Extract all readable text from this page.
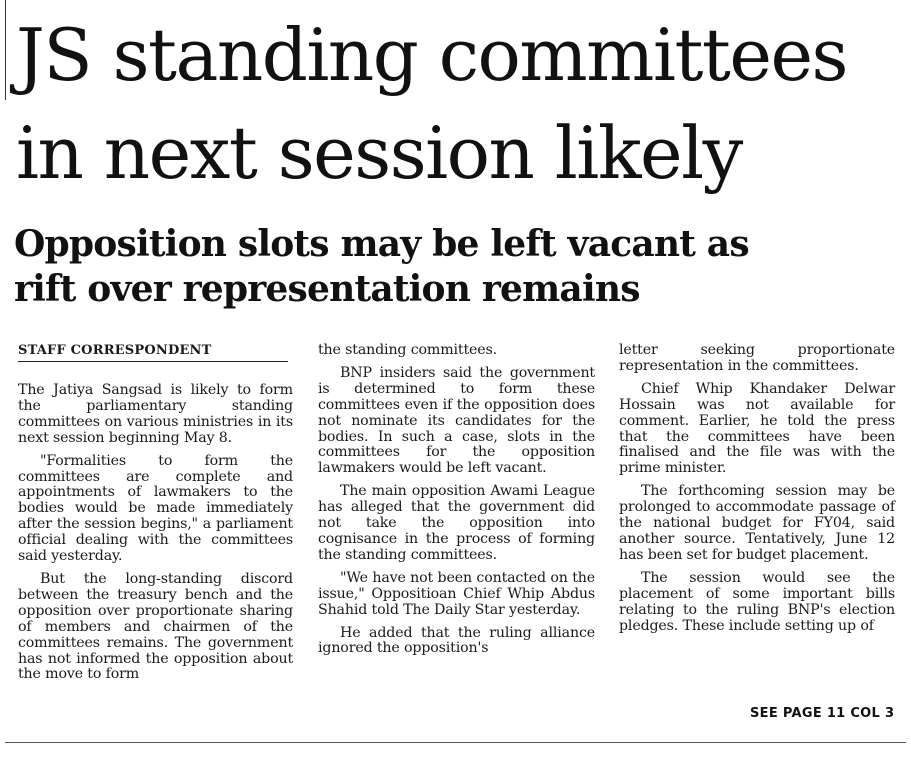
JS standing committees
in next session likely
Opposition slots may be left vacant as
rift over representation remains
STAFF CORRESPONDENT

The Jatiya Sangsad is likely to form the parliamentary standing committees on various ministries in its next session beginning May 8.

"Formalities to form the committees are complete and appointments of lawmakers to the bodies would be made immediately after the session begins," a parliament official dealing with the committees said yesterday.

But the long-standing discord between the treasury bench and the opposition over proportionate sharing of members and chairmen of the committees remains. The government has not informed the opposition about the move to form

the standing committees.

BNP insiders said the government is determined to form these committees even if the opposition does not nominate its candidates for the bodies. In such a case, slots in the committees for the opposition lawmakers would be left vacant.

The main opposition Awami League has alleged that the government did not take the opposition into cognisance in the process of forming the standing committees.

"We have not been contacted on the issue," Oppositioan Chief Whip Abdus Shahid told The Daily Star yesterday.

He added that the ruling alliance ignored the opposition's

letter seeking proportionate representation in the committees.

Chief Whip Khandaker Delwar Hossain was not available for comment. Earlier, he told the press that the committees have been finalised and the file was with the prime minister.

The forthcoming session may be prolonged to accommodate passage of the national budget for FY04, said another source. Tentatively, June 12 has been set for budget placement.

The session would see the placement of some important bills relating to the ruling BNP's election pledges. These include setting up of

SEE PAGE 11 COL 3
